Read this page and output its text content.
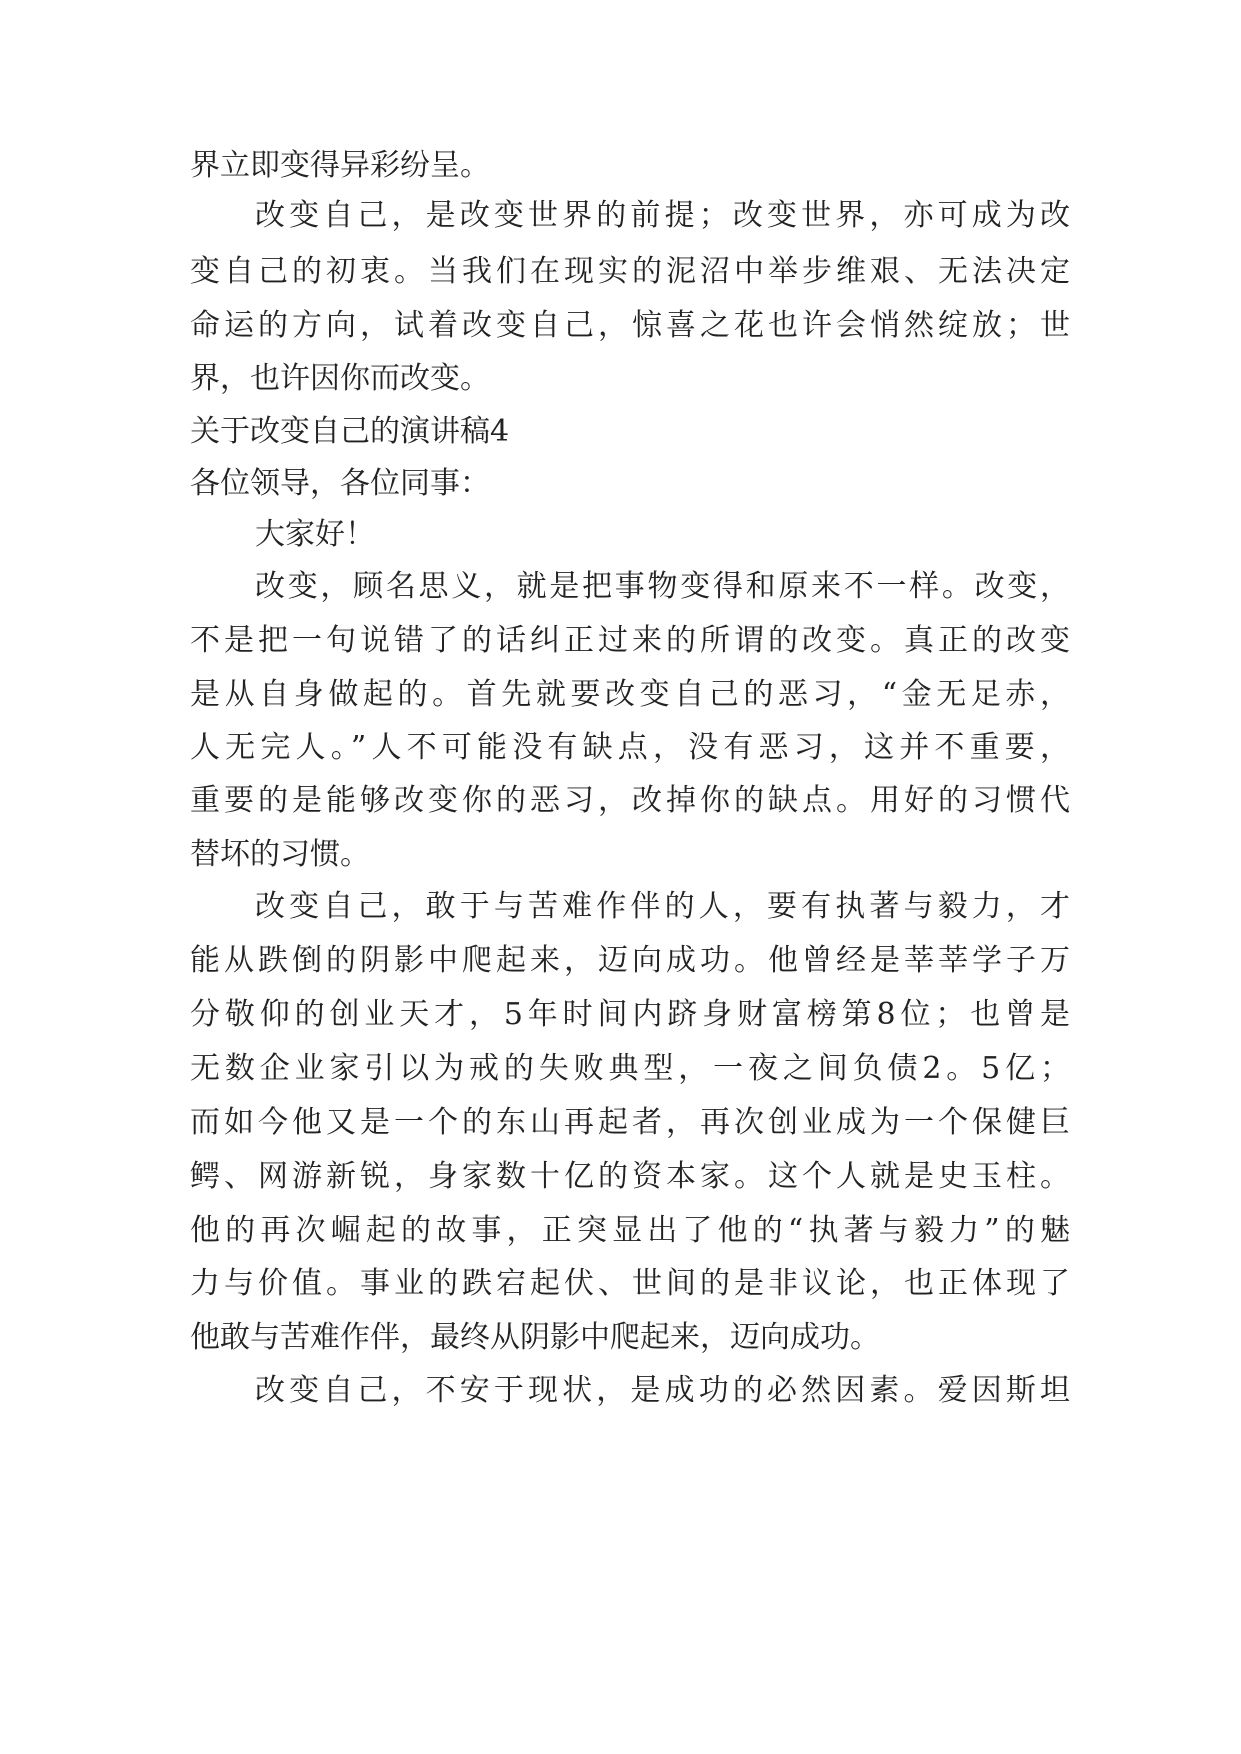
界立即变得异彩纷呈。
改变自己，是改变世界的前提；改变世界，亦可成为改
变自己的初衷。当我们在现实的泥沼中举步维艰、无法决定
命运的方向，试着改变自己，惊喜之花也许会悄然绽放；世
界，也许因你而改变。
关于改变自己的演讲稿4
各位领导，各位同事：
大家好！
改变，顾名思义，就是把事物变得和原来不一样。改变，
不是把一句说错了的话纠正过来的所谓的改变。真正的改变
是从自身做起的。首先就要改变自己的恶习，“金无足赤，
人无完人。”人不可能没有缺点，没有恶习，这并不重要，
重要的是能够改变你的恶习，改掉你的缺点。用好的习惯代
替坏的习惯。
改变自己，敢于与苦难作伴的人，要有执著与毅力，才
能从跌倒的阴影中爬起来，迈向成功。他曾经是莘莘学子万
分敬仰的创业天才，5年时间内跻身财富榜第8位；也曾是
无数企业家引以为戒的失败典型，一夜之间负债2。5亿；
而如今他又是一个的东山再起者，再次创业成为一个保健巨
鳄、网游新锐，身家数十亿的资本家。这个人就是史玉柱。
他的再次崛起的故事，正突显出了他的“执著与毅力”的魅
力与价值。事业的跌宕起伏、世间的是非议论，也正体现了
他敢与苦难作伴，最终从阴影中爬起来，迈向成功。
改变自己，不安于现状，是成功的必然因素。爱因斯坦
